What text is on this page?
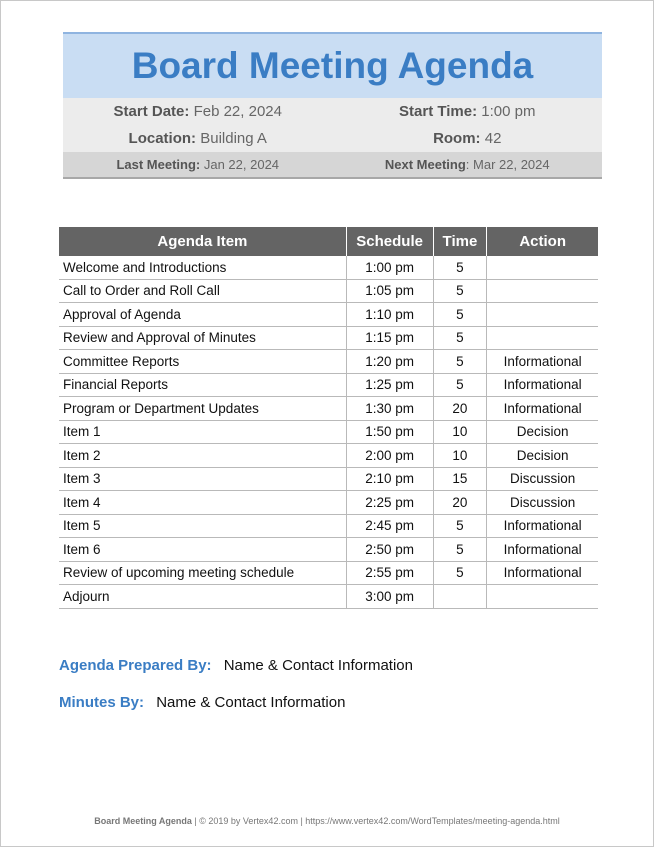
Board Meeting Agenda
Start Date: Feb 22, 2024	Start Time: 1:00 pm
Location: Building A	Room: 42
Last Meeting: Jan 22, 2024	Next Meeting: Mar 22, 2024
Agenda Item	Schedule	Time	Action
Welcome and Introductions	1:00 pm	5	
Call to Order and Roll Call	1:05 pm	5	
Approval of Agenda	1:10 pm	5	
Review and Approval of Minutes	1:15 pm	5	
Committee Reports	1:20 pm	5	Informational
Financial Reports	1:25 pm	5	Informational
Program or Department Updates	1:30 pm	20	Informational
Item 1	1:50 pm	10	Decision
Item 2	2:00 pm	10	Decision
Item 3	2:10 pm	15	Discussion
Item 4	2:25 pm	20	Discussion
Item 5	2:45 pm	5	Informational
Item 6	2:50 pm	5	Informational
Review of upcoming meeting schedule	2:55 pm	5	Informational
Adjourn	3:00 pm		
Agenda Prepared By: Name & Contact Information
Minutes By: Name & Contact Information
Board Meeting Agenda | © 2019 by Vertex42.com | https://www.vertex42.com/WordTemplates/meeting-agenda.html
